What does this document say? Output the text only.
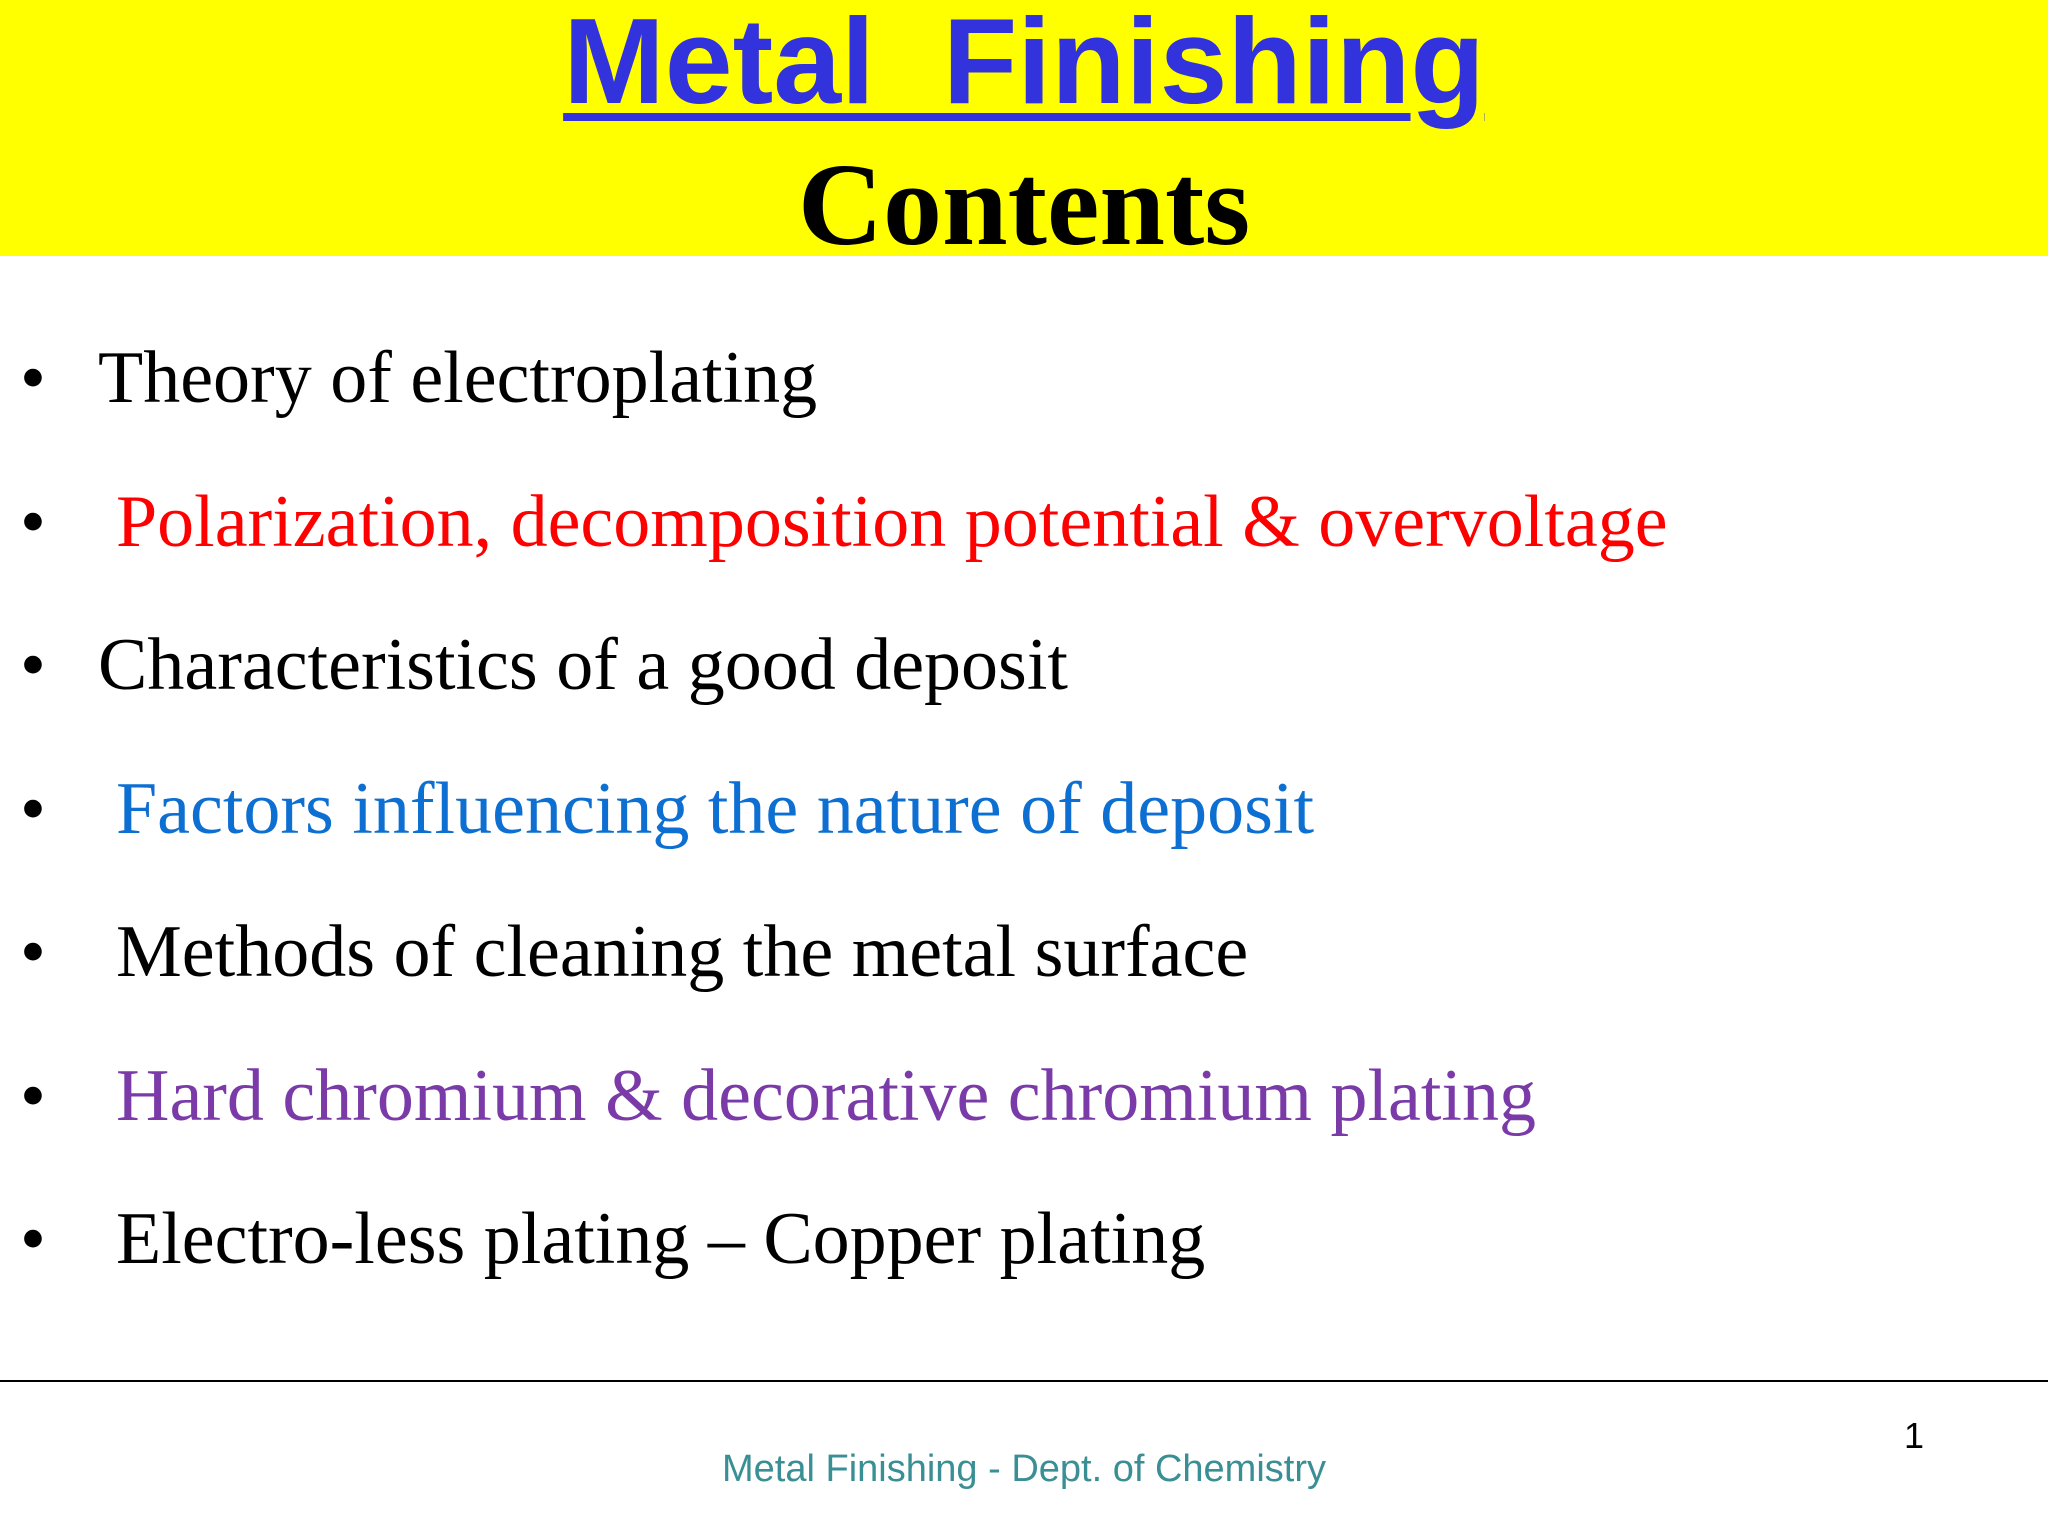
Metal  Finishing
Contents
• Theory of electroplating
• Polarization, decomposition potential & overvoltage
• Characteristics of a good deposit
• Factors influencing the nature of deposit
• Methods of cleaning the metal surface
• Hard chromium & decorative chromium plating
• Electro-less plating – Copper plating
1
Metal Finishing - Dept. of Chemistry
